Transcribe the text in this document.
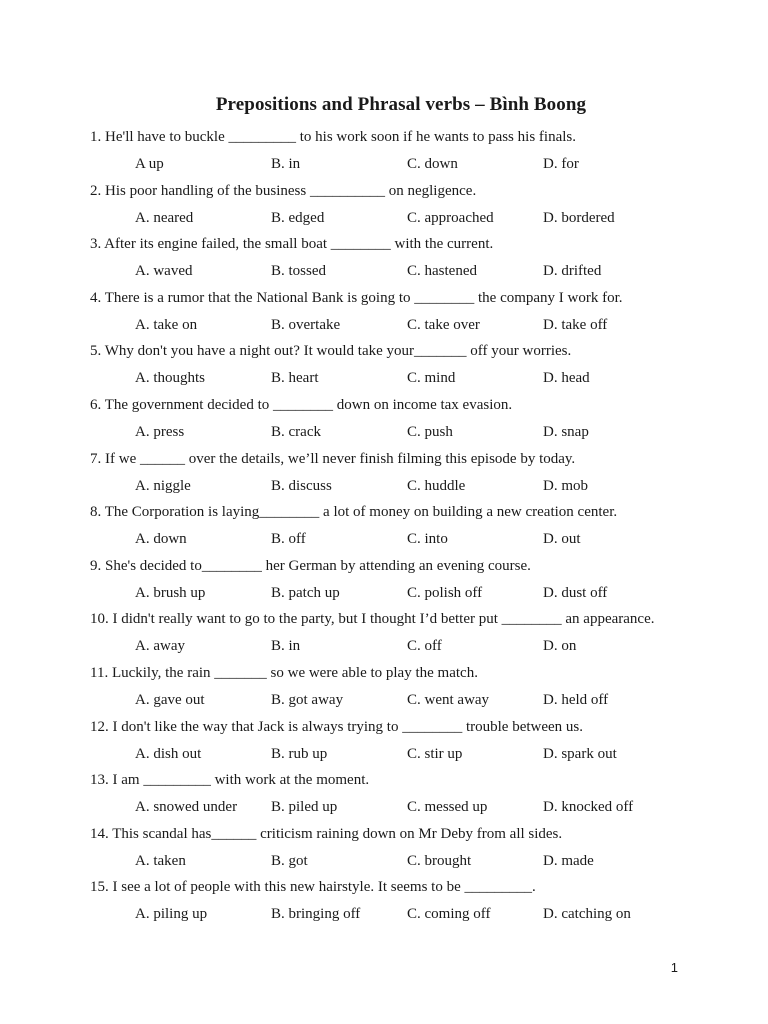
Prepositions and Phrasal verbs – Bình Boong
1. He'll have to buckle _________ to his work soon if he wants to pass his finals.
A up	B. in	C. down	D. for
2. His poor handling of the business __________ on negligence.
A. neared	B. edged	C. approached	D. bordered
3. After its engine failed, the small boat ________ with the current.
A. waved	B. tossed	C. hastened	D. drifted
4. There is a rumor that the National Bank is going to ________ the company I work for.
A. take on	B. overtake	C. take over	D. take off
5. Why don't you have a night out? It would take your_______ off your worries.
A. thoughts	B. heart	C. mind	D. head
6. The government decided to ________ down on income tax evasion.
A. press	B. crack	C. push	D. snap
7. If we ______ over the details, we’ll never finish filming this episode by today.
A. niggle	B. discuss	C. huddle	D. mob
8. The Corporation is laying________ a lot of money on building a new creation center.
A. down	B. off	C. into	D. out
9. She's decided to________ her German by attending an evening course.
A. brush up	B. patch up	C. polish off	D. dust off
10. I didn't really want to go to the party, but I thought I’d better put ________ an appearance.
A. away	B. in	C. off	D. on
11. Luckily, the rain _______ so we were able to play the match.
A. gave out	B. got away	C. went away	D. held off
12. I don't like the way that Jack is always trying to ________ trouble between us.
A. dish out	B. rub up	C. stir up	D. spark out
13. I am _________ with work at the moment.
A. snowed under	B. piled up	C. messed up	D. knocked off
14. This scandal has______ criticism raining down on Mr Deby from all sides.
A. taken	B. got	C. brought	D. made
15. I see a lot of people with this new hairstyle. It seems to be _________.
A. piling up	B. bringing off	C. coming off	D. catching on
1
